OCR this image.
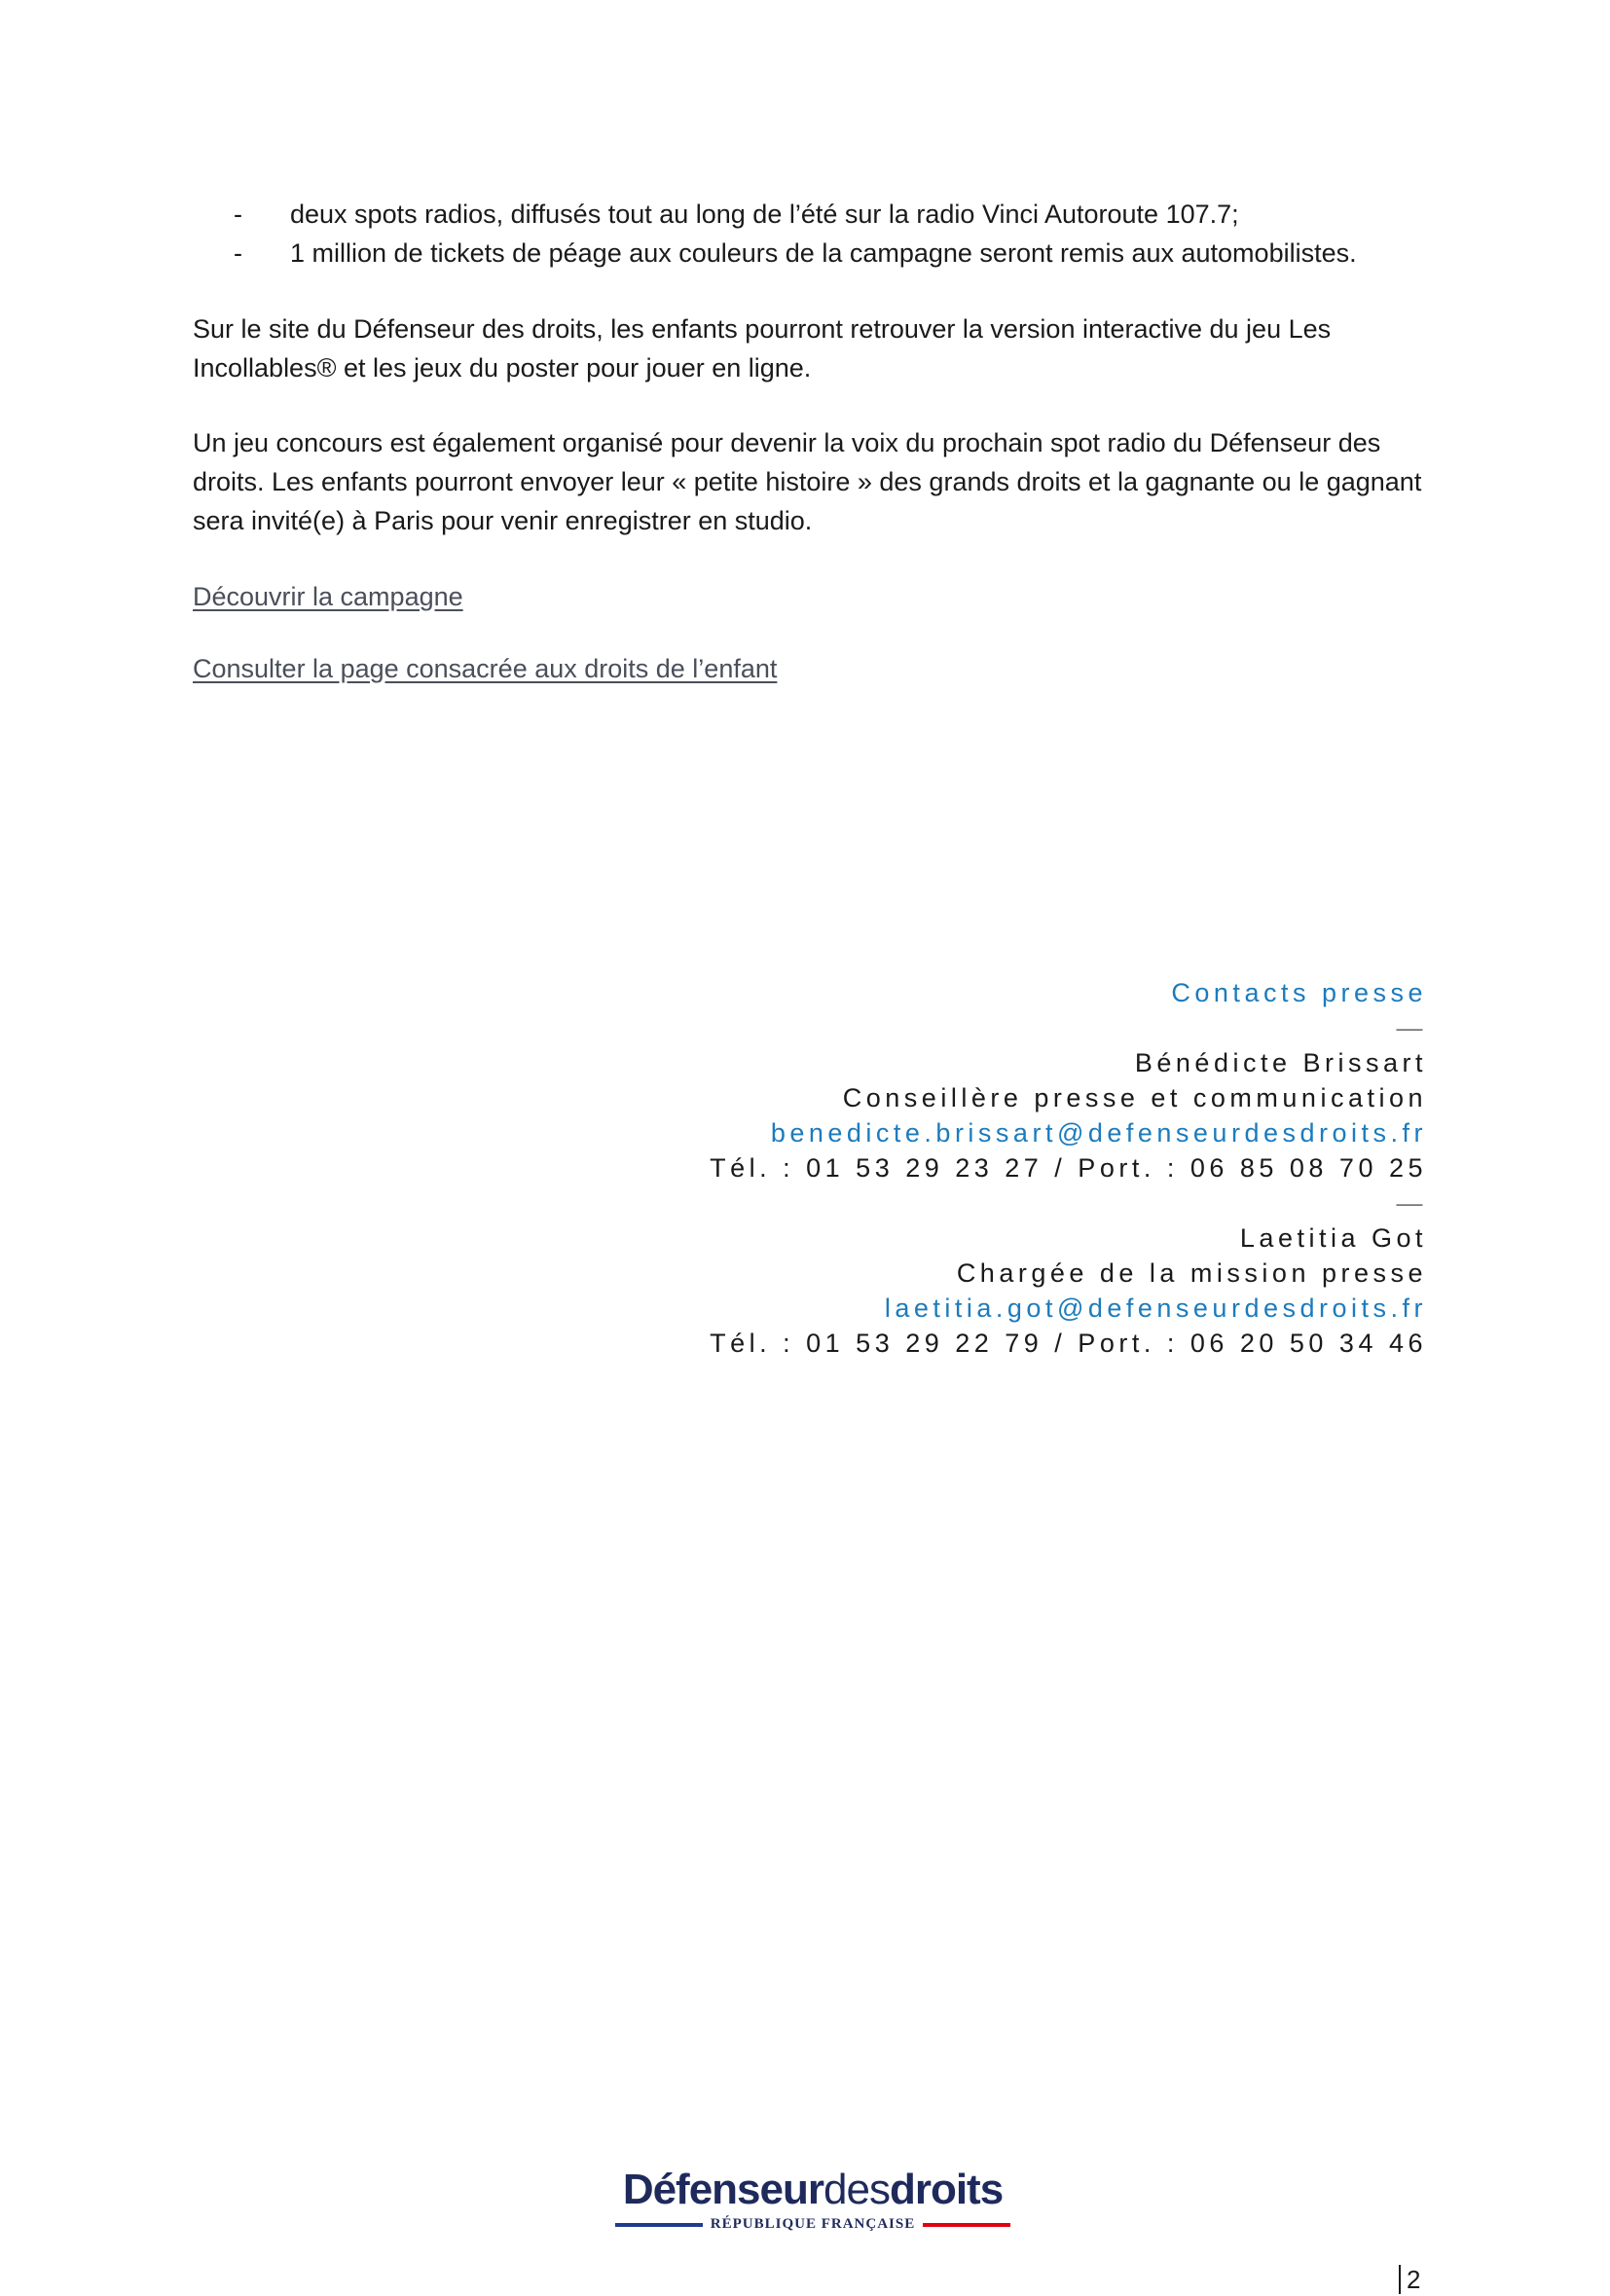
- deux spots radios, diffusés tout au long de l’été sur la radio Vinci Autoroute 107.7;
- 1 million de tickets de péage aux couleurs de la campagne seront remis aux automobilistes.

Sur le site du Défenseur des droits, les enfants pourront retrouver la version interactive du jeu Les Incollables® et les jeux du poster pour jouer en ligne.

Un jeu concours est également organisé pour devenir la voix du prochain spot radio du Défenseur des droits. Les enfants pourront envoyer leur « petite histoire » des grands droits et la gagnante ou le gagnant sera invité(e) à Paris pour venir enregistrer en studio.

Découvrir la campagne
Consulter la page consacrée aux droits de l’enfant
Contacts presse
—
Bénédicte Brissart
Conseillère presse et communication
benedicte.brissart@defenseurdesdroits.fr
Tél. : 01 53 29 23 27 / Port. : 06 85 08 70 25
—
Laetitia Got
Chargée de la mission presse
laetitia.got@defenseurdesdroits.fr
Tél. : 01 53 29 22 79 / Port. : 06 20 50 34 46
Défenseurdesdroits
RÉPUBLIQUE FRANÇAISE
2
